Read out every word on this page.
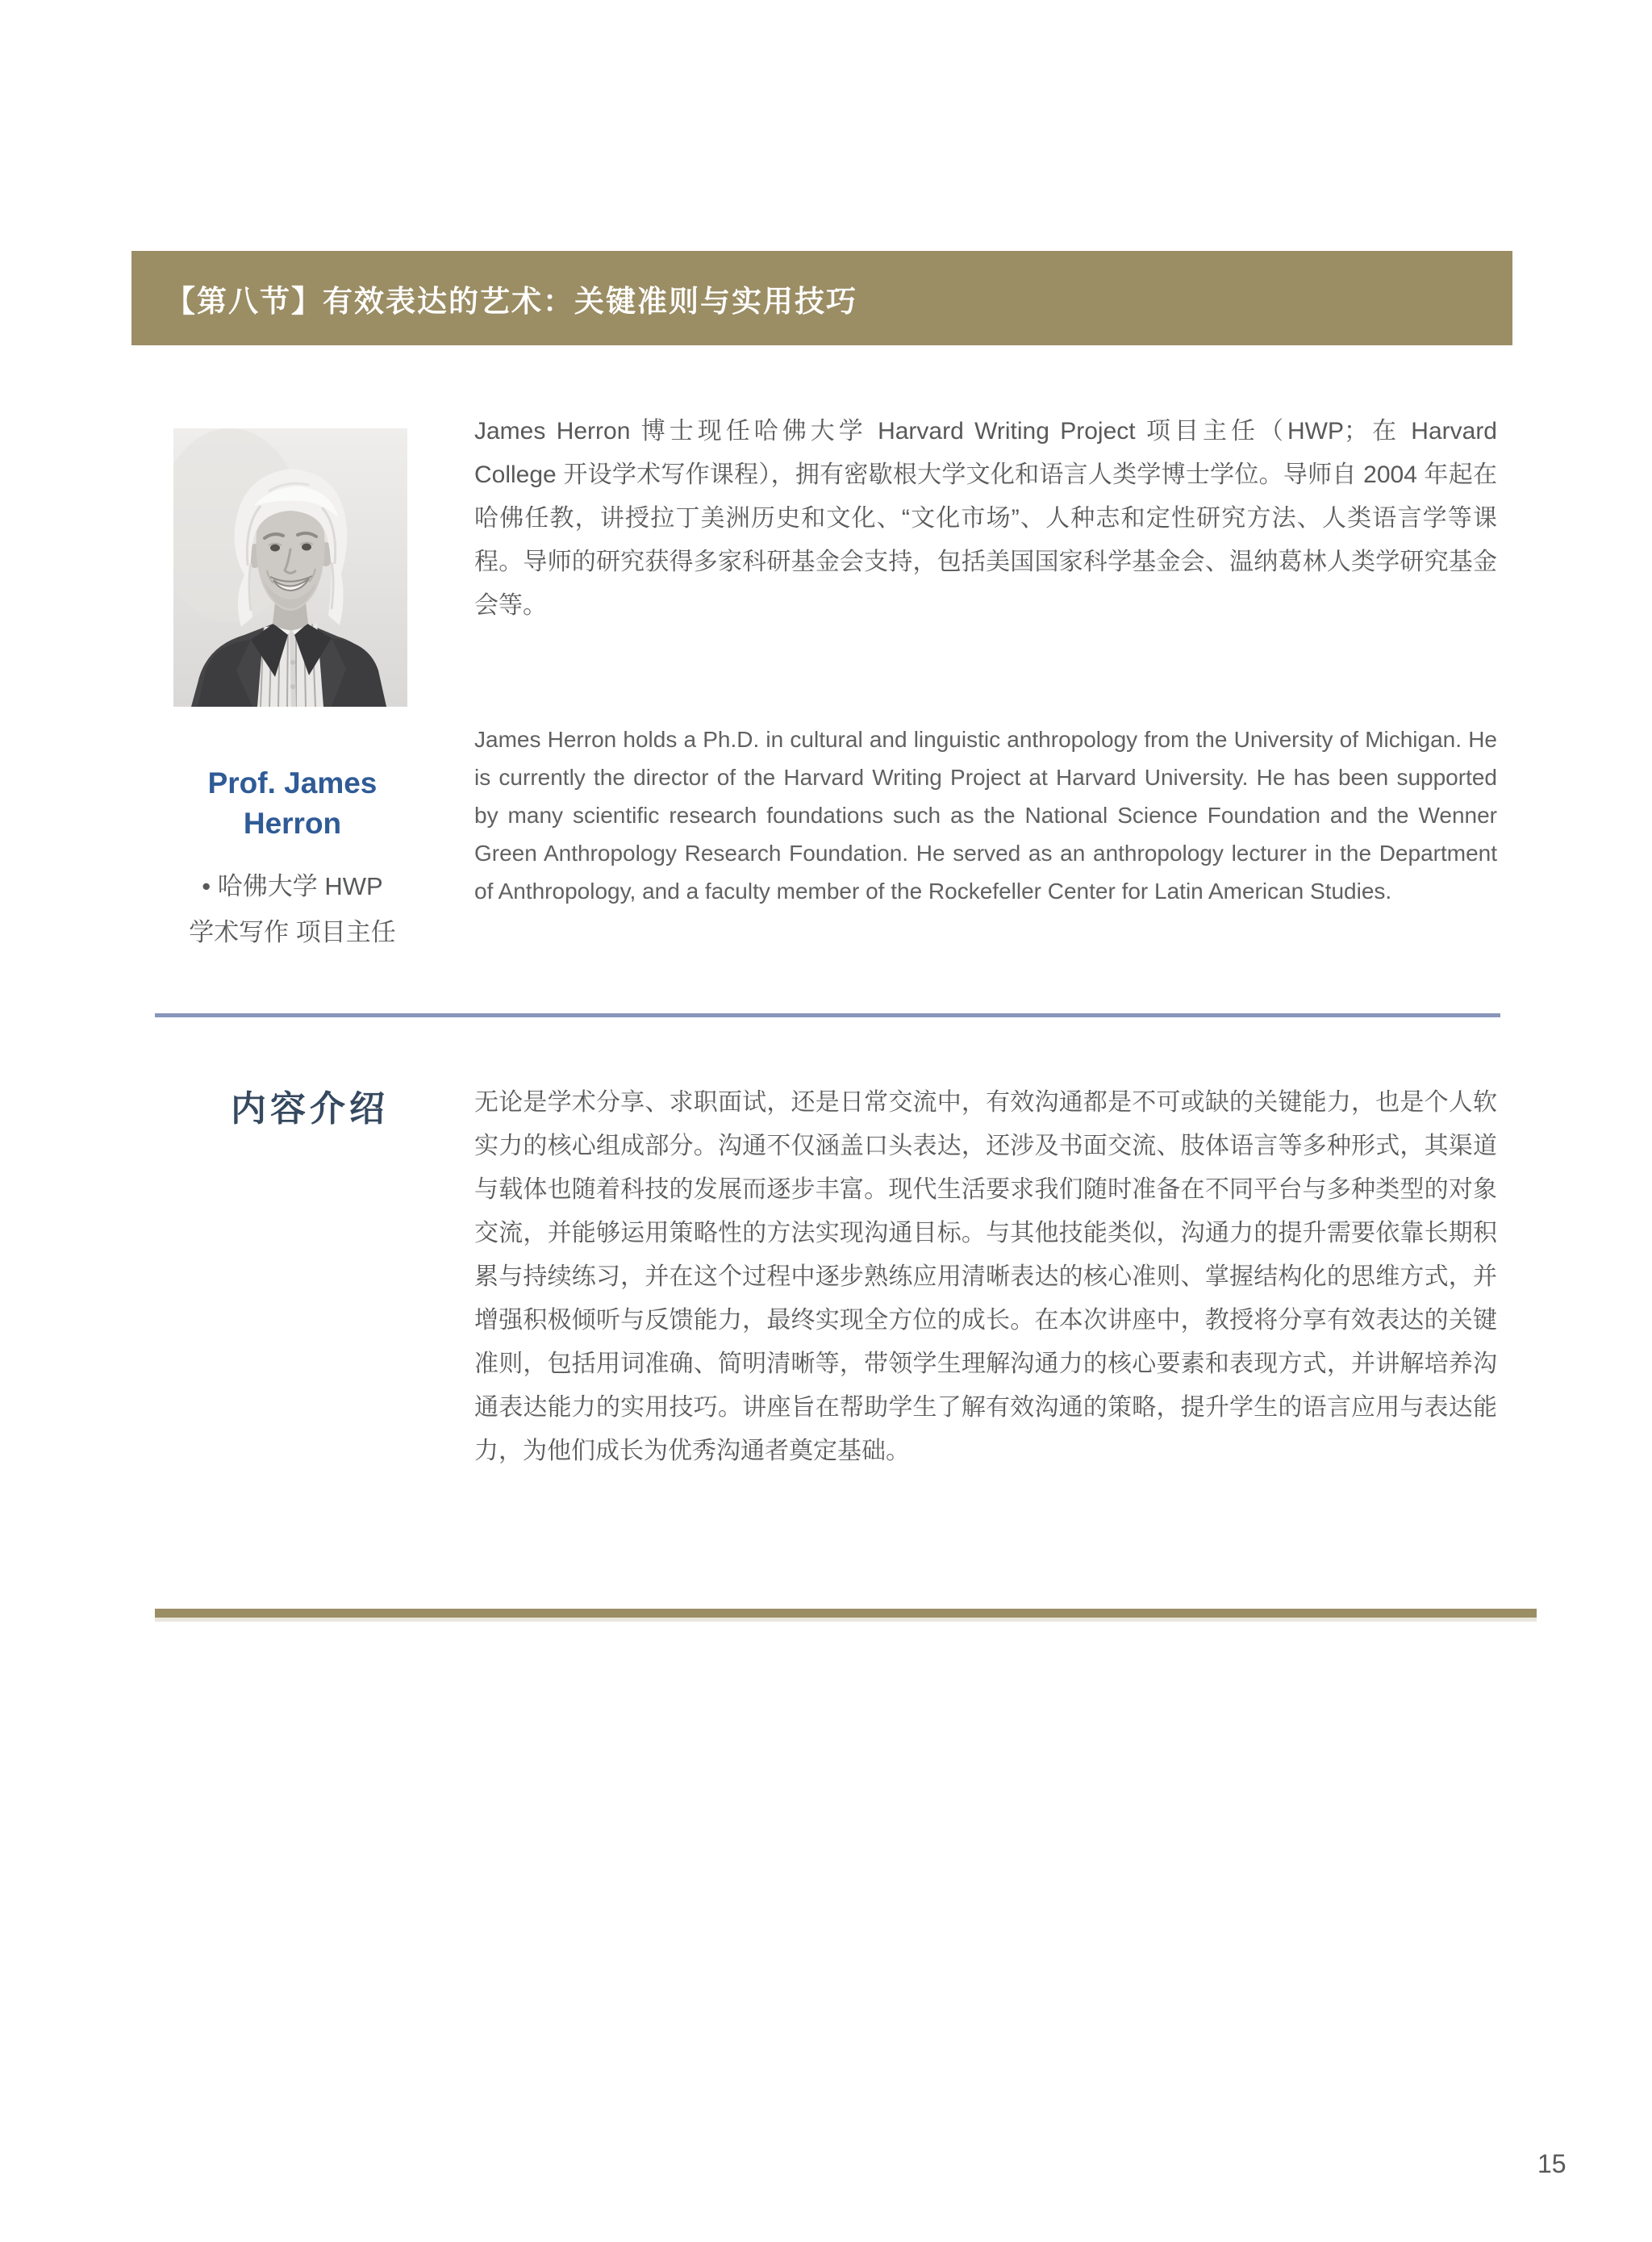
【第八节】有效表达的艺术：关键准则与实用技巧

James Herron 博士现任哈佛大学 Harvard Writing Project 项目主任（HWP；在 Harvard College 开设学术写作课程），拥有密歇根大学文化和语言人类学博士学位。导师自 2004 年起在哈佛任教，讲授拉丁美洲历史和文化、“文化市场”、人种志和定性研究方法、人类语言学等课程。导师的研究获得多家科研基金会支持，包括美国国家科学基金会、温纳葛林人类学研究基金会等。

Prof. James
Herron
• 哈佛大学 HWP
学术写作 项目主任

James Herron holds a Ph.D. in cultural and linguistic anthropology from the University of Michigan. He is currently the director of the Harvard Writing Project at Harvard University. He has been supported by many scientific research foundations such as the National Science Foundation and the Wenner Green Anthropology Research Foundation. He served as an anthropology lecturer in the Department of Anthropology, and a faculty member of the Rockefeller Center for Latin American Studies.

内容介绍	无论是学术分享、求职面试，还是日常交流中，有效沟通都是不可或缺的关键能力，也是个人软实力的核心组成部分。沟通不仅涵盖口头表达，还涉及书面交流、肢体语言等多种形式，其渠道与载体也随着科技的发展而逐步丰富。现代生活要求我们随时准备在不同平台与多种类型的对象交流，并能够运用策略性的方法实现沟通目标。与其他技能类似，沟通力的提升需要依靠长期积累与持续练习，并在这个过程中逐步熟练应用清晰表达的核心准则、掌握结构化的思维方式，并增强积极倾听与反馈能力，最终实现全方位的成长。在本次讲座中，教授将分享有效表达的关键准则，包括用词准确、简明清晰等，带领学生理解沟通力的核心要素和表现方式，并讲解培养沟通表达能力的实用技巧。讲座旨在帮助学生了解有效沟通的策略，提升学生的语言应用与表达能力，为他们成长为优秀沟通者奠定基础。

15
